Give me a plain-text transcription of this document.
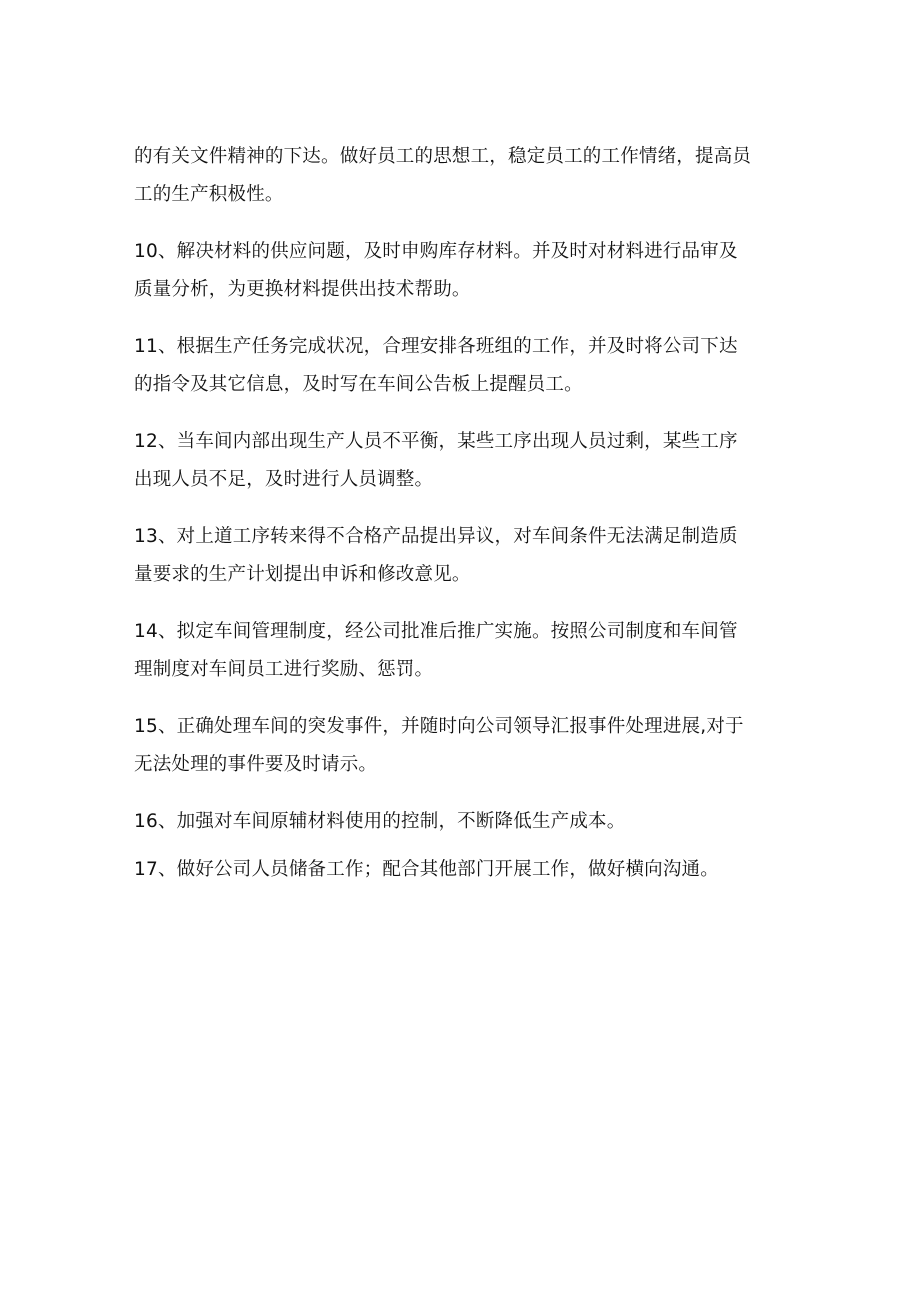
的有关文件精神的下达。做好员工的思想工，稳定员工的工作情绪，提高员
工的生产积极性。

10、解决材料的供应问题，及时申购库存材料。并及时对材料进行品审及
质量分析，为更换材料提供出技术帮助。

11、根据生产任务完成状况，合理安排各班组的工作，并及时将公司下达
的指令及其它信息，及时写在车间公告板上提醒员工。

12、当车间内部出现生产人员不平衡，某些工序出现人员过剩，某些工序
出现人员不足，及时进行人员调整。

13、对上道工序转来得不合格产品提出异议，对车间条件无法满足制造质
量要求的生产计划提出申诉和修改意见。

14、拟定车间管理制度，经公司批准后推广实施。按照公司制度和车间管
理制度对车间员工进行奖励、惩罚。

15、正确处理车间的突发事件，并随时向公司领导汇报事件处理进展,对于
无法处理的事件要及时请示。

16、加强对车间原辅材料使用的控制，不断降低生产成本。

17、做好公司人员储备工作；配合其他部门开展工作，做好横向沟通。
